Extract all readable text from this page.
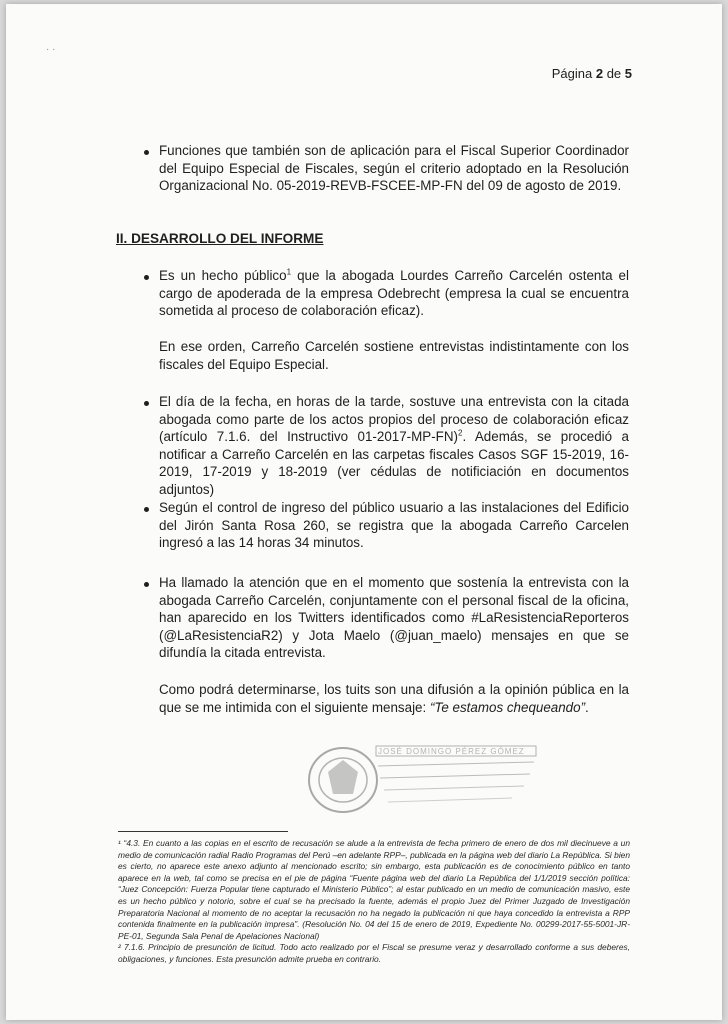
· ·
Página 2 de 5

Funciones que también son de aplicación para el Fiscal Superior Coordinador del Equipo Especial de Fiscales, según el criterio adoptado en la Resolución Organizacional No. 05-2019-REVB-FSCEE-MP-FN del 09 de agosto de 2019.

II. DESARROLLO DEL INFORME

Es un hecho público$^1$ que la abogada Lourdes Carreño Carcelén ostenta el cargo de apoderada de la empresa Odebrecht (empresa la cual se encuentra sometida al proceso de colaboración eficaz).

En ese orden, Carreño Carcelén sostiene entrevistas indistintamente con los fiscales del Equipo Especial.

El día de la fecha, en horas de la tarde, sostuve una entrevista con la citada abogada como parte de los actos propios del proceso de colaboración eficaz (artículo 7.1.6. del Instructivo 01-2017-MP-FN)$^2$. Además, se procedió a notificar a Carreño Carcelén en las carpetas fiscales Casos SGF 15-2019, 16-2019, 17-2019 y 18-2019 (ver cédulas de notificiación en documentos adjuntos)

Según el control de ingreso del público usuario a las instalaciones del Edificio del Jirón Santa Rosa 260, se registra que la abogada Carreño Carcelen ingresó a las 14 horas 34 minutos.

Ha llamado la atención que en el momento que sostenía la entrevista con la abogada Carreño Carcelén, conjuntamente con el personal fiscal de la oficina, han aparecido en los Twitters identificados como #LaResistenciaReporteros (@LaResistenciaR2) y Jota Maelo (@juan_maelo) mensajes en que se difundía la citada entrevista.

Como podrá determinarse, los tuits son una difusión a la opinión pública en la que se me intimida con el siguiente mensaje: “Te estamos chequeando”.

JOSÉ DOMINGO PÉREZ GÓMEZ
¹ “4.3. En cuanto a las copias en el escrito de recusación se alude a la entrevista de fecha primero de enero de dos mil diecinueve a un medio de comunicación radial Radio Programas del Perú –en adelante RPP–, publicada en la página web del diario La República. Si bien es cierto, no aparece este anexo adjunto al mencionado escrito; sin embargo, esta publicación es de conocimiento público en tanto aparece en la web, tal como se precisa en el pie de página “Fuente página web del diario La República del 1/1/2019 sección política: “Juez Concepción: Fuerza Popular tiene capturado el Ministerio Público”; al estar publicado en un medio de comunicación masivo, este es un hecho público y notorio, sobre el cual se ha precisado la fuente, además el propio Juez del Primer Juzgado de Investigación Preparatoria Nacional al momento de no aceptar la recusación no ha negado la publicación ni que haya concedido la entrevista a RPP contenida finalmente en la publicación impresa”. (Resolución No. 04 del 15 de enero de 2019, Expediente No. 00299-2017-55-5001-JR-PE-01, Segunda Sala Penal de Apelaciones Nacional)
² 7.1.6. Principio de presunción de licitud. Todo acto realizado por el Fiscal se presume veraz y desarrollado conforme a sus deberes, obligaciones, y funciones. Esta presunción admite prueba en contrario.
